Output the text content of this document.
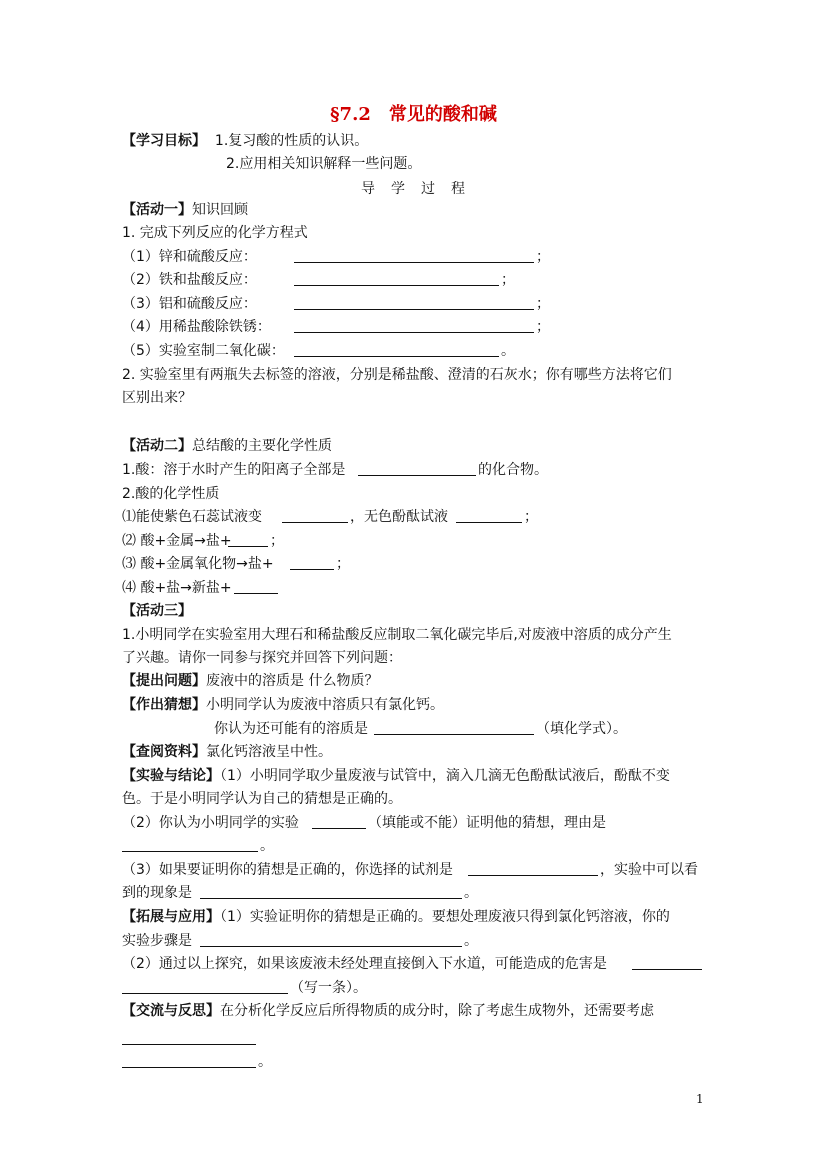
§7.2　常见的酸和碱
【学习目标】 1.复习酸的性质的认识。
2.应用相关知识解释一些问题。
导　学　过　程
【活动一】知识回顾
1. 完成下列反应的化学方程式
（1）锌和硫酸反应：	；
（2）铁和盐酸反应：	；
（3）铝和硫酸反应：	；
（4）用稀盐酸除铁锈：	；
（5）实验室制二氧化碳：	。
2. 实验室里有两瓶失去标签的溶液，分别是稀盐酸、澄清的石灰水；你有哪些方法将它们
区别出来？
【活动二】总结酸的主要化学性质
1.酸：溶于水时产生的阳离子全部是	的化合物。
2.酸的化学性质
⑴能使紫色石蕊试液变	，无色酚酞试液	；
⑵ 酸+金属→盐+	；
⑶ 酸+金属氧化物→盐+	；
⑷ 酸+盐→新盐+
【活动三】
1.小明同学在实验室用大理石和稀盐酸反应制取二氧化碳完毕后,对废液中溶质的成分产生
了兴趣。请你一同参与探究并回答下列问题：
【提出问题】废液中的溶质是 什么物质？
【作出猜想】小明同学认为废液中溶质只有氯化钙。
你认为还可能有的溶质是	（填化学式）。
【查阅资料】氯化钙溶液呈中性。
【实验与结论】（1）小明同学取少量废液与试管中，滴入几滴无色酚酞试液后，酚酞不变
色。于是小明同学认为自己的猜想是正确的。
（2）你认为小明同学的实验	（填能或不能）证明他的猜想，理由是
。
（3）如果要证明你的猜想是正确的，你选择的试剂是	，实验中可以看
到的现象是	。
【拓展与应用】（1）实验证明你的猜想是正确的。要想处理废液只得到氯化钙溶液，你的
实验步骤是	。
（2）通过以上探究，如果该废液未经处理直接倒入下水道，可能造成的危害是
（写一条）。
【交流与反思】在分析化学反应后所得物质的成分时，除了考虑生成物外，还需要考虑
。
1
